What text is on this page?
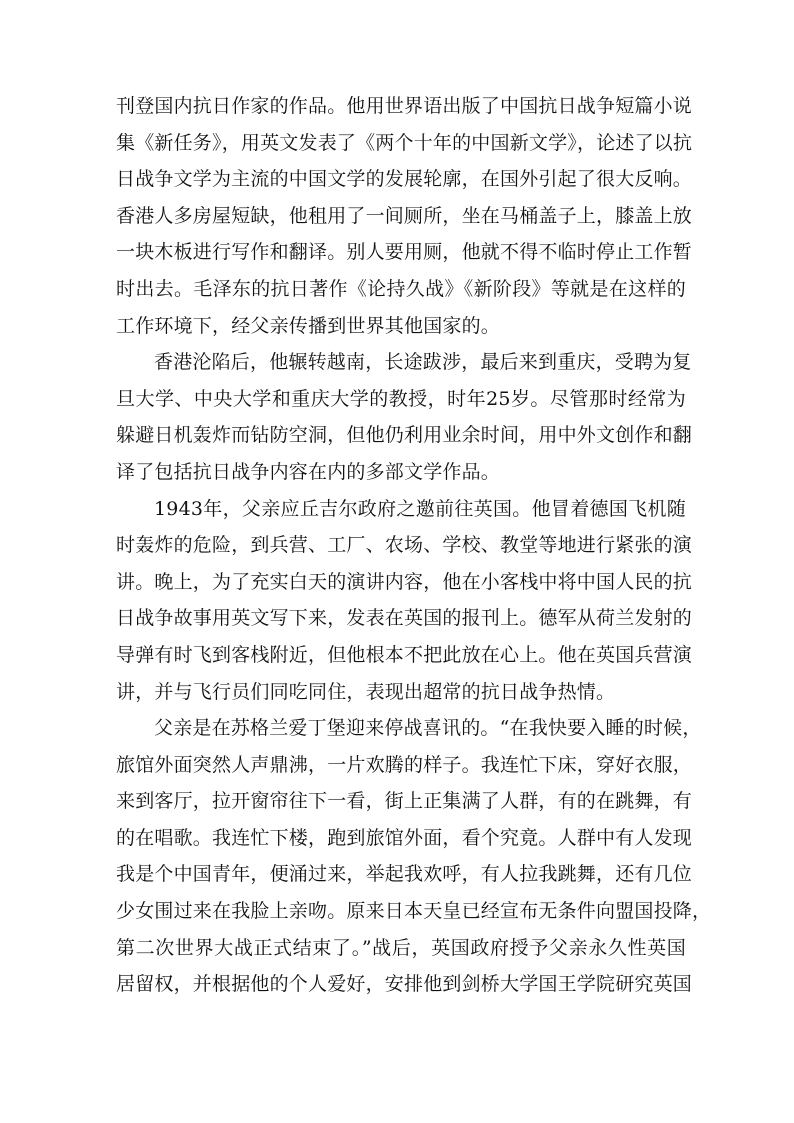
刊登国内抗日作家的作品。他用世界语出版了中国抗日战争短篇小说
集《新任务》，用英文发表了《两个十年的中国新文学》，论述了以抗
日战争文学为主流的中国文学的发展轮廓，在国外引起了很大反响。
香港人多房屋短缺，他租用了一间厕所，坐在马桶盖子上，膝盖上放
一块木板进行写作和翻译。别人要用厕，他就不得不临时停止工作暂
时出去。毛泽东的抗日著作《论持久战》《新阶段》等就是在这样的
工作环境下，经父亲传播到世界其他国家的。
香港沦陷后，他辗转越南，长途跋涉，最后来到重庆，受聘为复
旦大学、中央大学和重庆大学的教授，时年25岁。尽管那时经常为
躲避日机轰炸而钻防空洞，但他仍利用业余时间，用中外文创作和翻
译了包括抗日战争内容在内的多部文学作品。
1943年，父亲应丘吉尔政府之邀前往英国。他冒着德国飞机随
时轰炸的危险，到兵营、工厂、农场、学校、教堂等地进行紧张的演
讲。晚上，为了充实白天的演讲内容，他在小客栈中将中国人民的抗
日战争故事用英文写下来，发表在英国的报刊上。德军从荷兰发射的
导弹有时飞到客栈附近，但他根本不把此放在心上。他在英国兵营演
讲，并与飞行员们同吃同住，表现出超常的抗日战争热情。
父亲是在苏格兰爱丁堡迎来停战喜讯的。“在我快要入睡的时候，
旅馆外面突然人声鼎沸，一片欢腾的样子。我连忙下床，穿好衣服，
来到客厅，拉开窗帘往下一看，街上正集满了人群，有的在跳舞，有
的在唱歌。我连忙下楼，跑到旅馆外面，看个究竟。人群中有人发现
我是个中国青年，便涌过来，举起我欢呼，有人拉我跳舞，还有几位
少女围过来在我脸上亲吻。原来日本天皇已经宣布无条件向盟国投降，
第二次世界大战正式结束了。”战后，英国政府授予父亲永久性英国
居留权，并根据他的个人爱好，安排他到剑桥大学国王学院研究英国
